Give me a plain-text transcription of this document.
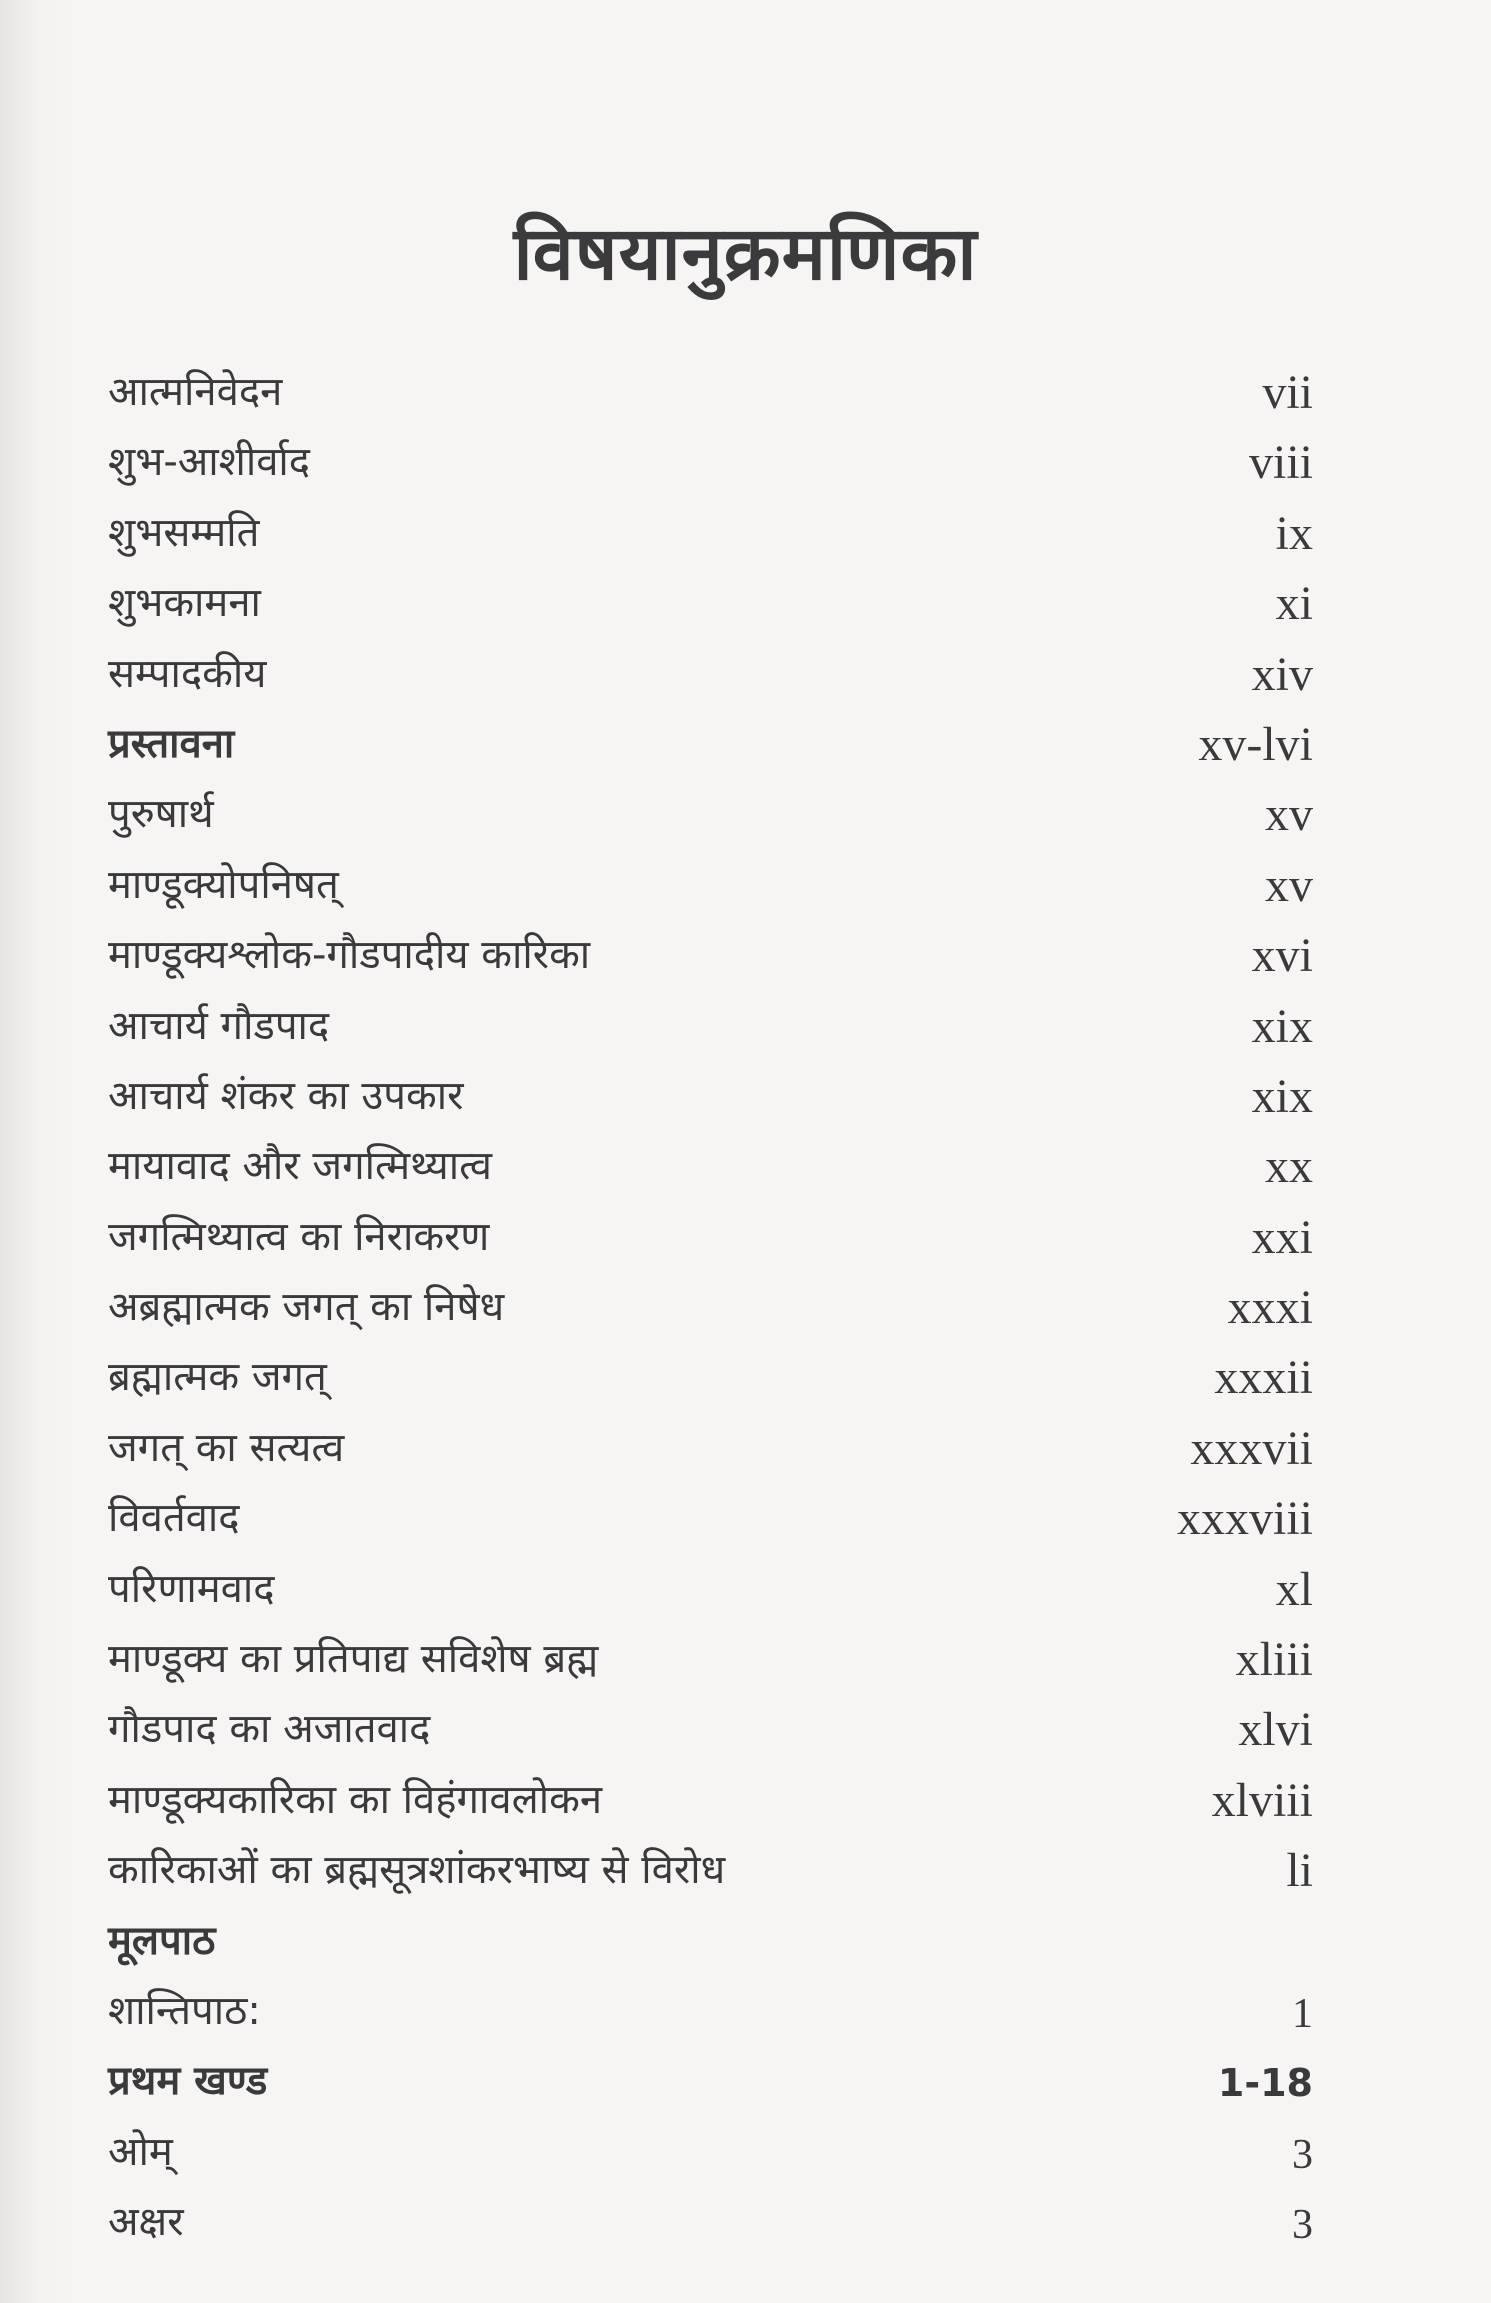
विषयानुक्रमणिका
आत्मनिवेदन	vii
शुभ-आशीर्वाद	viii
शुभसम्मति	ix
शुभकामना	xi
सम्पादकीय	xiv
प्रस्तावना	xv-lvi
पुरुषार्थ	xv
माण्डूक्योपनिषत्	xv
माण्डूक्यश्लोक-गौडपादीय कारिका	xvi
आचार्य गौडपाद	xix
आचार्य शंकर का उपकार	xix
मायावाद और जगत्मिथ्यात्व	xx
जगत्मिथ्यात्व का निराकरण	xxi
अब्रह्मात्मक जगत् का निषेध	xxxi
ब्रह्मात्मक जगत्	xxxii
जगत् का सत्यत्व	xxxvii
विवर्तवाद	xxxviii
परिणामवाद	xl
माण्डूक्य का प्रतिपाद्य सविशेष ब्रह्म	xliii
गौडपाद का अजातवाद	xlvi
माण्डूक्यकारिका का विहंगावलोकन	xlviii
कारिकाओं का ब्रह्मसूत्रशांकरभाष्य से विरोध	li
मूलपाठ
शान्तिपाठ:	1
प्रथम खण्ड	1-18
ओम्	3
अक्षर	3
